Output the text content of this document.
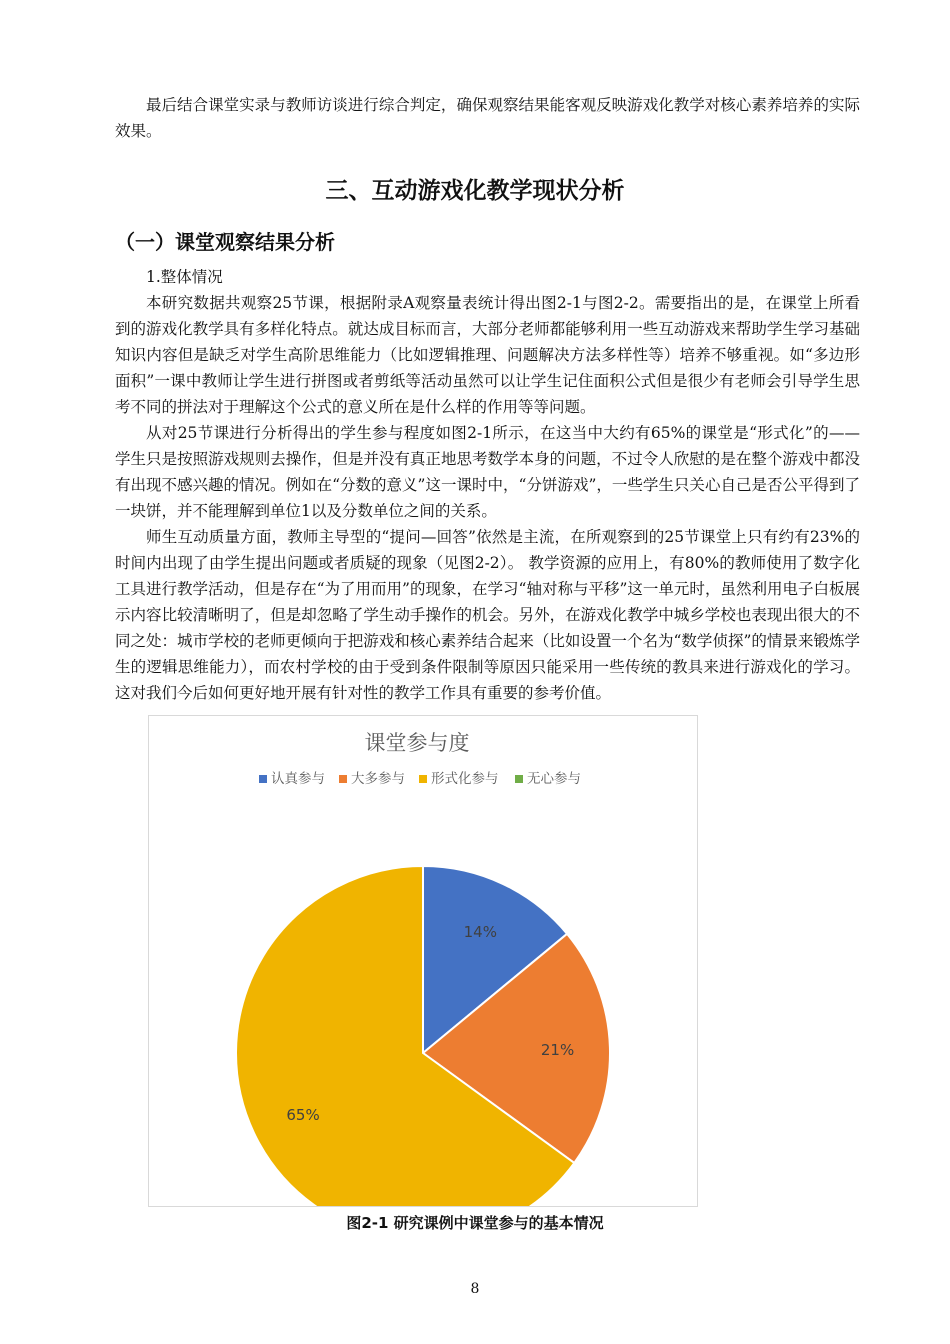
最后结合课堂实录与教师访谈进行综合判定，确保观察结果能客观反映游戏化教学对核心素养培养的实际效果。

三、互动游戏化教学现状分析
（一）课堂观察结果分析

1.整体情况

本研究数据共观察25节课，根据附录A观察量表统计得出图2-1与图2-2。需要指出的是，在课堂上所看到的游戏化教学具有多样化特点。就达成目标而言，大部分老师都能够利用一些互动游戏来帮助学生学习基础知识内容但是缺乏对学生高阶思维能力（比如逻辑推理、问题解决方法多样性等）培养不够重视。如“多边形面积”一课中教师让学生进行拼图或者剪纸等活动虽然可以让学生记住面积公式但是很少有老师会引导学生思考不同的拼法对于理解这个公式的意义所在是什么样的作用等等问题。

从对25节课进行分析得出的学生参与程度如图2-1所示，在这当中大约有65%的课堂是“形式化”的——学生只是按照游戏规则去操作，但是并没有真正地思考数学本身的问题，不过令人欣慰的是在整个游戏中都没有出现不感兴趣的情况。例如在“分数的意义”这一课时中，“分饼游戏”，一些学生只关心自己是否公平得到了一块饼，并不能理解到单位1以及分数单位之间的关系。

师生互动质量方面，教师主导型的“提问—回答”依然是主流，在所观察到的25节课堂上只有约有23%的时间内出现了由学生提出问题或者质疑的现象（见图2-2）。 教学资源的应用上，有80%的教师使用了数字化工具进行教学活动，但是存在“为了用而用”的现象，在学习“轴对称与平移”这一单元时，虽然利用电子白板展示内容比较清晰明了，但是却忽略了学生动手操作的机会。另外，在游戏化教学中城乡学校也表现出很大的不同之处：城市学校的老师更倾向于把游戏和核心素养结合起来（比如设置一个名为“数学侦探”的情景来锻炼学生的逻辑思维能力），而农村学校的由于受到条件限制等原因只能采用一些传统的教具来进行游戏化的学习。这对我们今后如何更好地开展有针对性的教学工作具有重要的参考价值。

课堂参与度
认真参与 大多参与 形式化参与 无心参与
14%
21%
65%
图2-1 研究课例中课堂参与的基本情况
8
